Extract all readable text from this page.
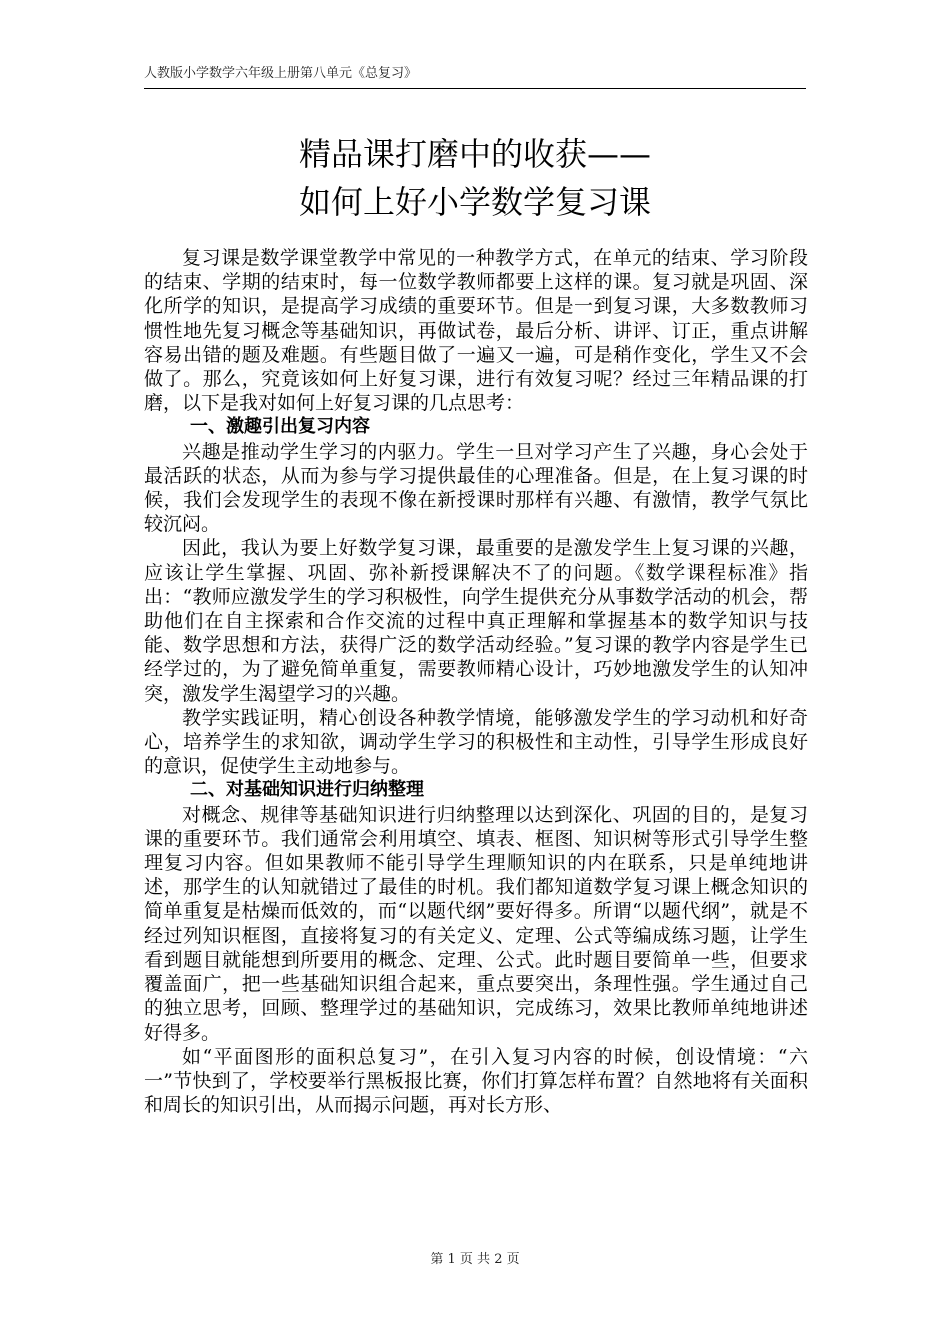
人教版小学数学六年级上册第八单元《总复习》
精品课打磨中的收获——
如何上好小学数学复习课

复习课是数学课堂教学中常见的一种教学方式，在单元的结束、学习阶段的结束、学期的结束时，每一位数学教师都要上这样的课。复习就是巩固、深化所学的知识，是提高学习成绩的重要环节。但是一到复习课，大多数教师习惯性地先复习概念等基础知识，再做试卷，最后分析、讲评、订正，重点讲解容易出错的题及难题。有些题目做了一遍又一遍，可是稍作变化，学生又不会做了。那么，究竟该如何上好复习课，进行有效复习呢？经过三年精品课的打磨，以下是我对如何上好复习课的几点思考：

一、激趣引出复习内容

兴趣是推动学生学习的内驱力。学生一旦对学习产生了兴趣，身心会处于最活跃的状态，从而为参与学习提供最佳的心理准备。但是，在上复习课的时候，我们会发现学生的表现不像在新授课时那样有兴趣、有激情，教学气氛比较沉闷。

因此，我认为要上好数学复习课，最重要的是激发学生上复习课的兴趣，应该让学生掌握、巩固、弥补新授课解决不了的问题。《数学课程标准》指出：“教师应激发学生的学习积极性，向学生提供充分从事数学活动的机会，帮助他们在自主探索和合作交流的过程中真正理解和掌握基本的数学知识与技能、数学思想和方法，获得广泛的数学活动经验。”复习课的教学内容是学生已经学过的，为了避免简单重复，需要教师精心设计，巧妙地激发学生的认知冲突，激发学生渴望学习的兴趣。

教学实践证明，精心创设各种教学情境，能够激发学生的学习动机和好奇心，培养学生的求知欲，调动学生学习的积极性和主动性，引导学生形成良好的意识，促使学生主动地参与。

二、对基础知识进行归纳整理

对概念、规律等基础知识进行归纳整理以达到深化、巩固的目的，是复习课的重要环节。我们通常会利用填空、填表、框图、知识树等形式引导学生整理复习内容。但如果教师不能引导学生理顺知识的内在联系，只是单纯地讲述，那学生的认知就错过了最佳的时机。我们都知道数学复习课上概念知识的简单重复是枯燥而低效的，而“以题代纲”要好得多。所谓“以题代纲”，就是不经过列知识框图，直接将复习的有关定义、定理、公式等编成练习题，让学生看到题目就能想到所要用的概念、定理、公式。此时题目要简单一些，但要求覆盖面广，把一些基础知识组合起来，重点要突出，条理性强。学生通过自己的独立思考，回顾、整理学过的基础知识，完成练习，效果比教师单纯地讲述好得多。

如“平面图形的面积总复习”，在引入复习内容的时候，创设情境：“六一”节快到了，学校要举行黑板报比赛，你们打算怎样布置？自然地将有关面积和周长的知识引出，从而揭示问题，再对长方形、

第 1 页 共 2 页
